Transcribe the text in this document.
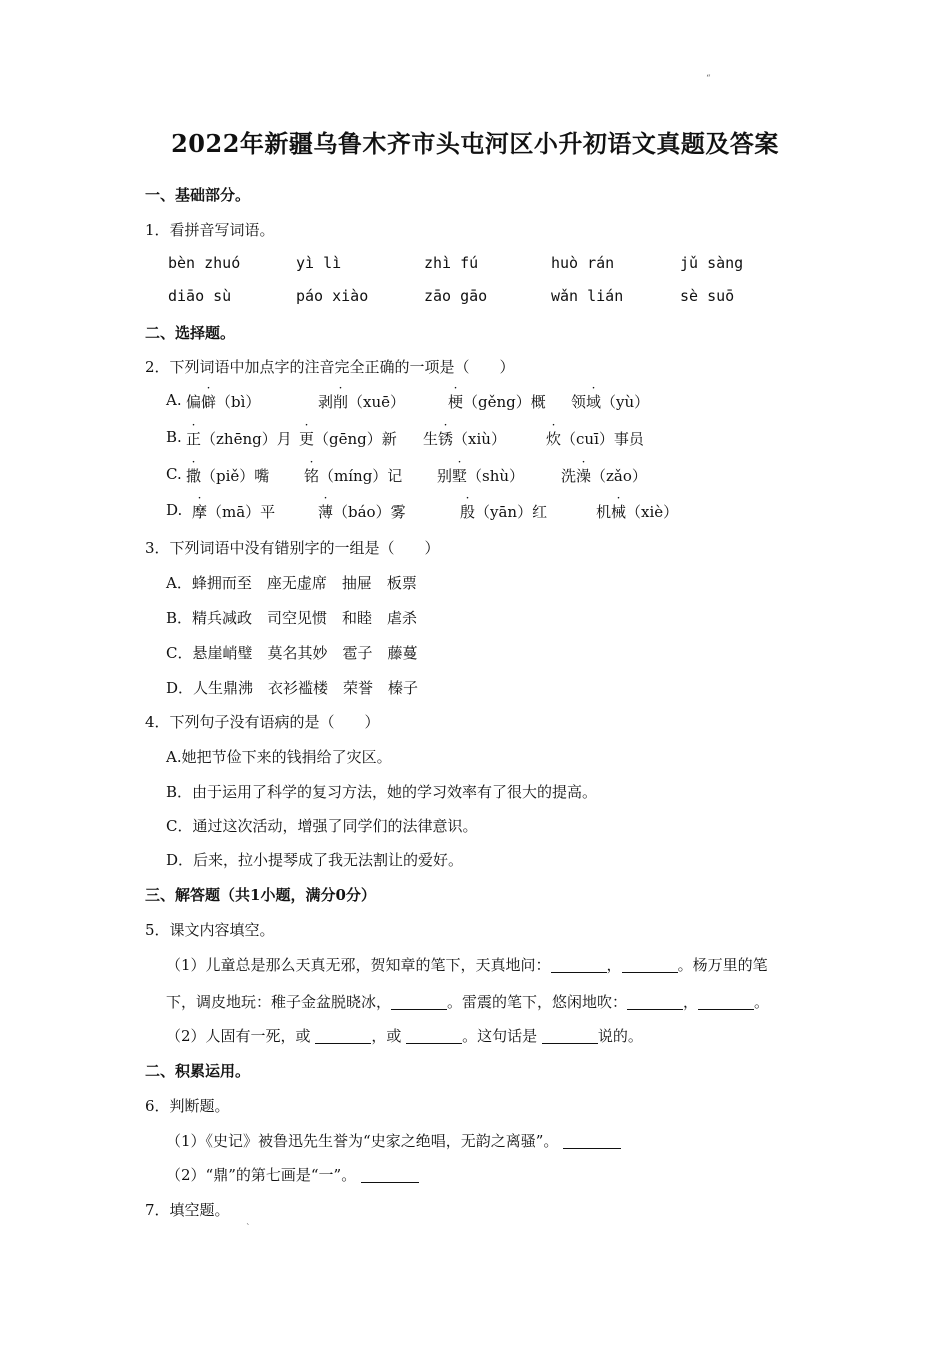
“
2022年新疆乌鲁木齐市头屯河区小升初语文真题及答案
一、基础部分。
1．看拼音写词语。
bèn zhuó	yì lì	zhì fú	huò rán	jǔ sàng
diāo sù	páo xiào	zāo gāo	wǎn lián	sè suō
二、选择题。
2．下列词语中加点字的注音完全正确的一项是（　　）
A. 偏僻（bì）	剥削（xuē）	梗（gěng）概 领域（yù）
B. 正（zhēng）月 更（gēng）新 生锈（xiù）	炊（cuī）事员
C. 撒（piě）嘴 铭（míng）记 别墅（shù） 洗澡（zǎo）
D. 摩（mā）平	薄（báo）雾	殷（yān）红	机械（xiè）
3．下列词语中没有错别字的一组是（　　）
A．蜂拥而至　座无虚席　抽屉　板票
B．精兵减政　司空见惯　和睦　虐杀
C．悬崖峭璧　莫名其妙　雹子　藤蔓
D．人生鼎沸　衣衫褴楼　荣誉　榛子
4．下列句子没有语病的是（　　）
A.她把节俭下来的钱捐给了灾区。
B．由于运用了科学的复习方法，她的学习效率有了很大的提高。
C．通过这次活动，增强了同学们的法律意识。
D．后来，拉小提琴成了我无法割让的爱好。
三、解答题（共1小题，满分0分）
5．课文内容填空。
（1）儿童总是那么天真无邪，贺知章的笔下，天真地问：	，	。杨万里的笔
下，调皮地玩：稚子金盆脱晓冰，	。雷震的笔下，悠闲地吹：	，	。
（2）人固有一死，或	，或	。这句话是	说的。
二、积累运用。
6．判断题。
（1）《史记》被鲁迅先生誉为“史家之绝唱，无韵之离骚”。
（2）“鼎”的第七画是“一”。
7．填空题。
`
